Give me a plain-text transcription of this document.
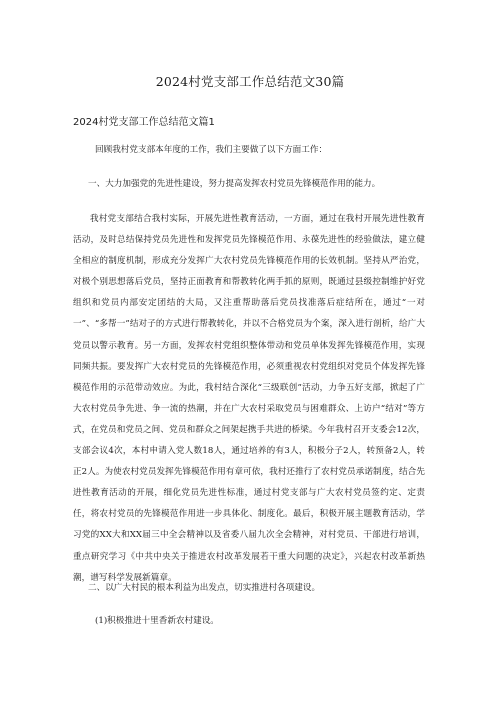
2024村党支部工作总结范文30篇
2024村党支部工作总结范文篇1

回顾我村党支部本年度的工作，我们主要做了以下方面工作：

一、大力加强党的先进性建设，努力提高发挥农村党员先锋模范作用的能力。

我村党支部结合我村实际，开展先进性教育活动，一方面，通过在我村开展先进性教育活动，及时总结保持党员先进性和发挥党员先锋模范作用、永葆先进性的经验做法，建立健全相应的制度机制，形成充分发挥广大农村党员先锋模范作用的长效机制。坚持从严治党，对极个别思想落后党员，坚持正面教育和帮教转化两手抓的原则，既通过县级控制维护好党组织和党员内部安定团结的大局，又注重帮助落后党员找准落后症结所在，通过“一对一”、“多帮一”结对子的方式进行帮教转化，并以不合格党员为个案，深入进行剖析，给广大党员以警示教育。另一方面，发挥农村党组织整体带动和党员单体发挥先锋模范作用，实现同频共振。要发挥广大农村党员的先锋模范作用，必须重视农村党组织对党员个体发挥先锋模范作用的示范带动效应。为此，我村结合深化“三级联创”活动，力争五好支部，掀起了广大农村党员争先进、争一流的热潮，并在广大农村采取党员与困难群众、上访户“结对”等方式，在党员和党员之间、党员和群众之间架起携手共进的桥梁。今年我村召开支委会12次，支部会议4次，本村申请入党人数18人，通过培养的有3人，积极分子2人，转预备2人，转正2人。为使农村党员发挥先锋模范作用有章可依，我村还推行了农村党员承诺制度，结合先进性教育活动的开展，细化党员先进性标准，通过村党支部与广大农村党员签约定、定责任，将农村党员的先锋模范作用进一步具体化、制度化。最后，积极开展主题教育活动，学习党的XX大和XX届三中全会精神以及省委八届九次全会精神，对村党员、干部进行培训，重点研究学习《中共中央关于推进农村改革发展若干重大问题的决定》，兴起农村改革新热潮，谱写科学发展新篇章。

二、以广大村民的根本利益为出发点，切实推进村各项建设。

(1)积极推进十里香新农村建设。
